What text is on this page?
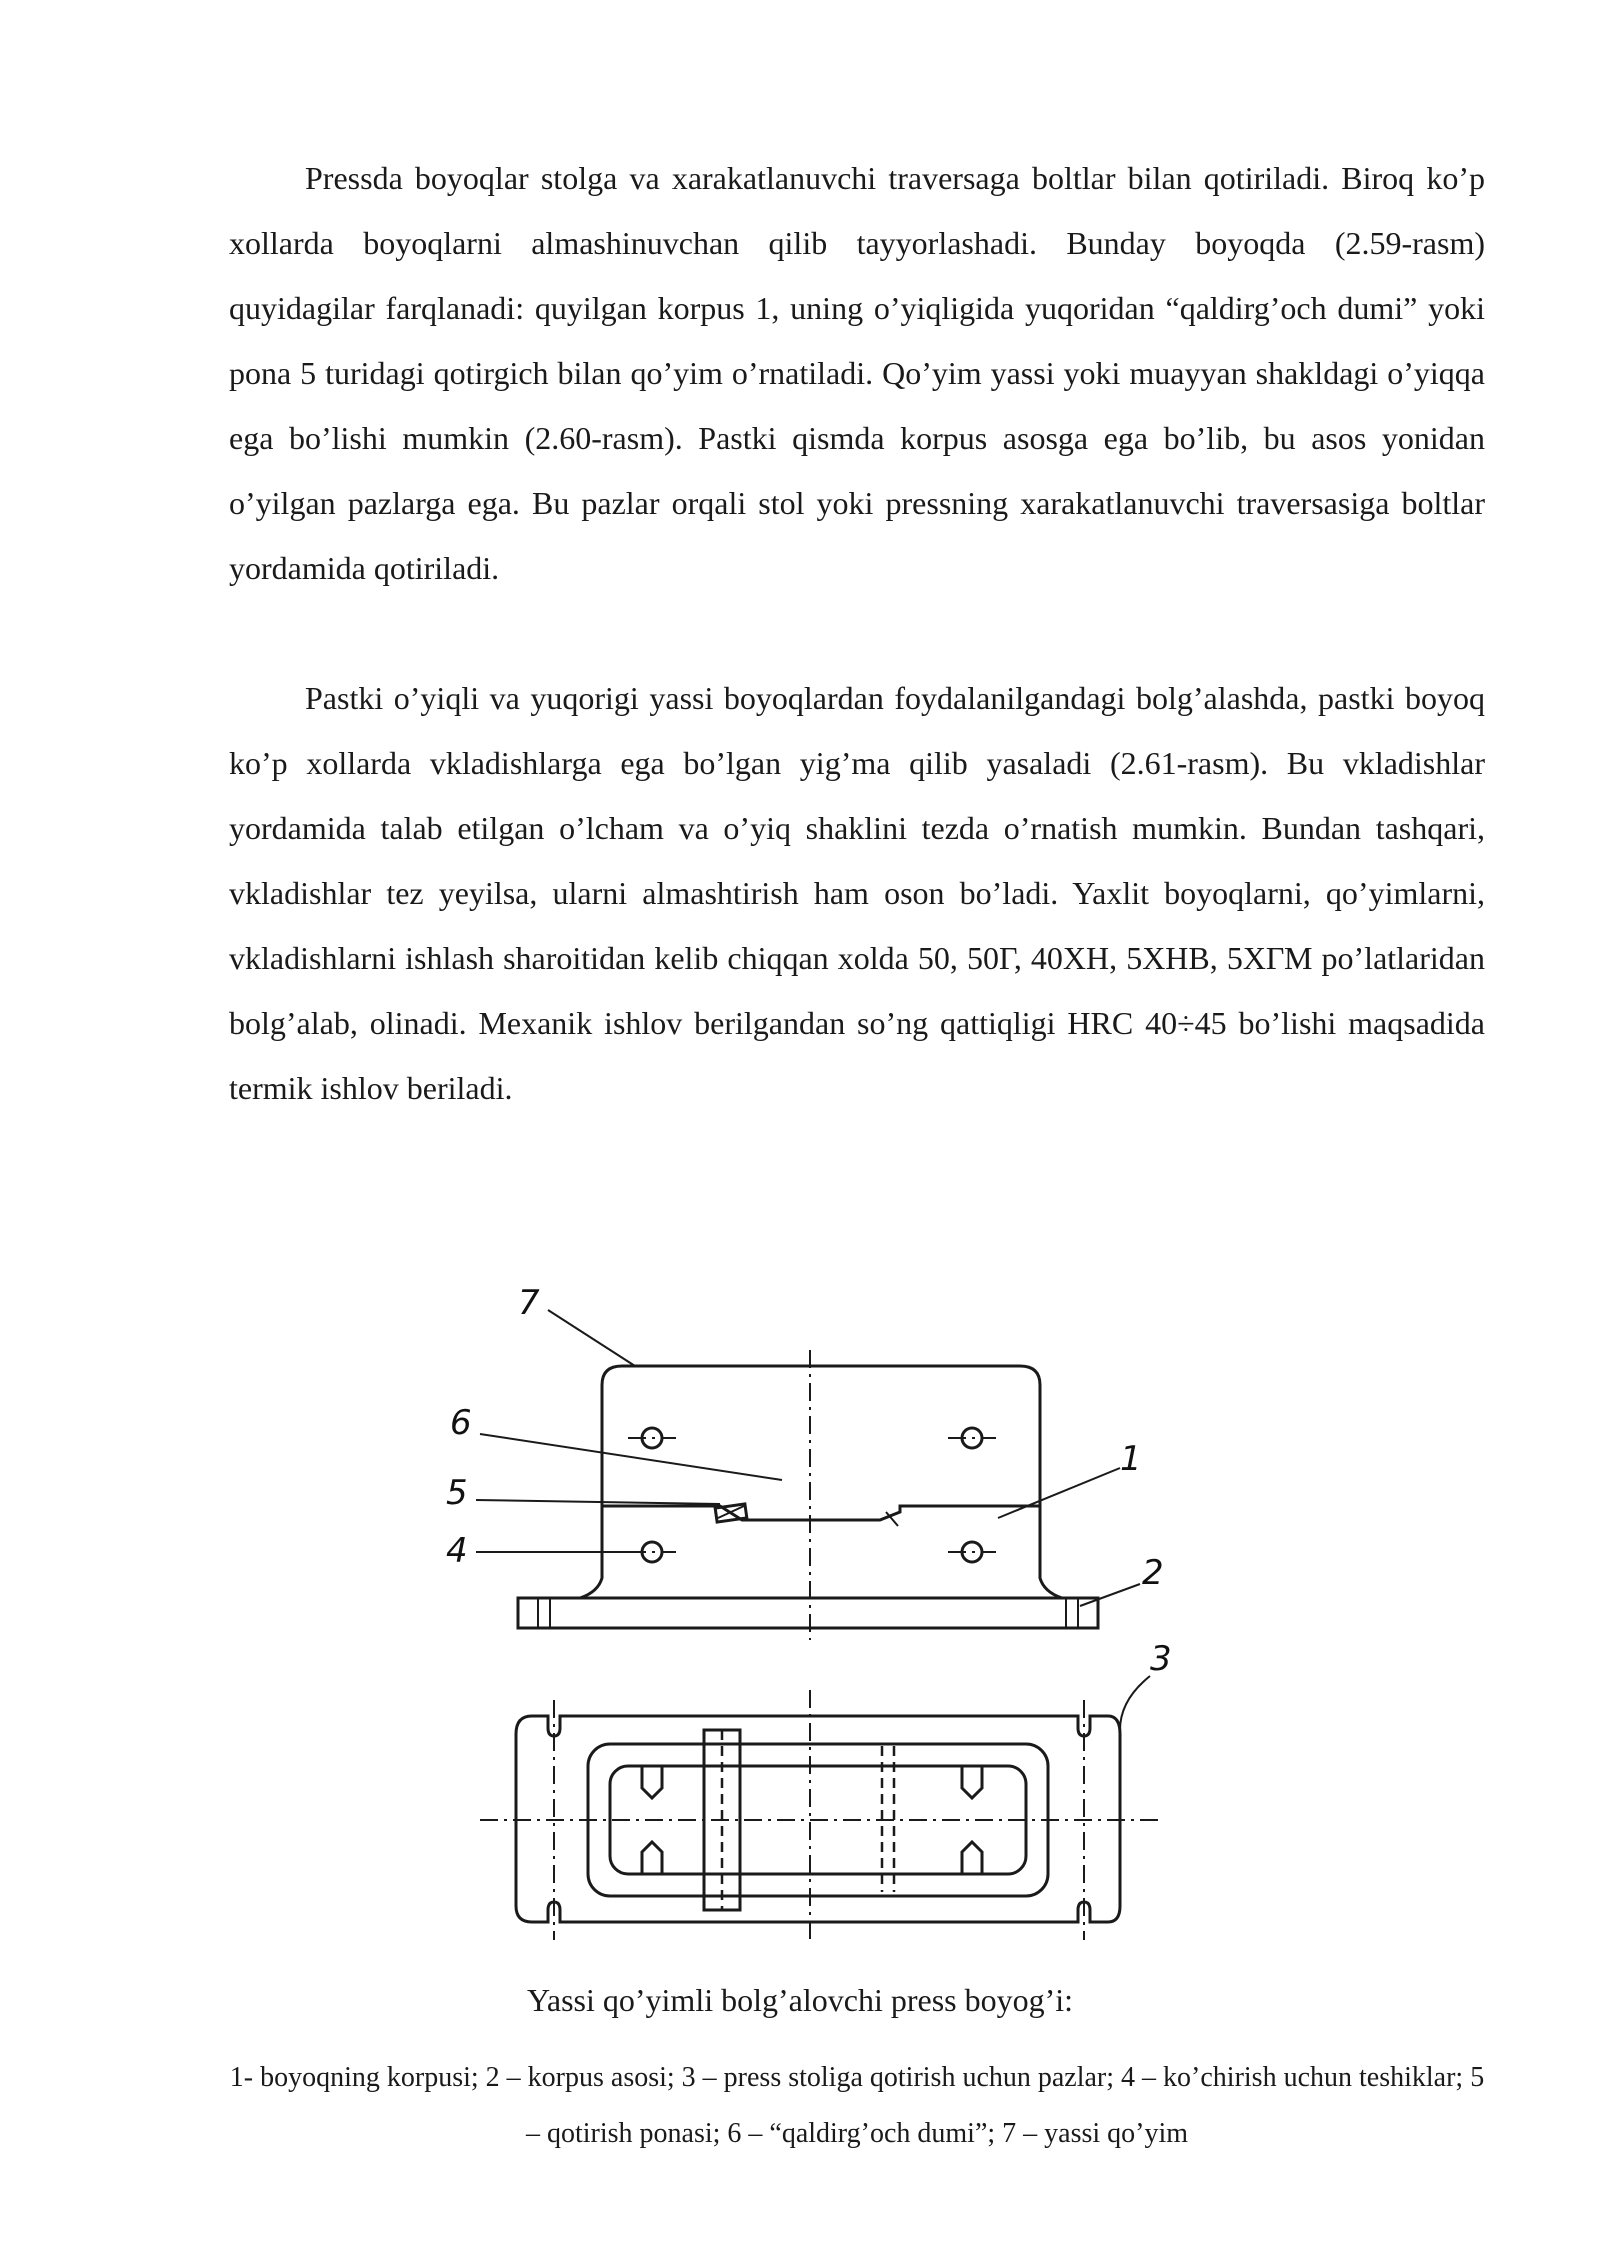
Pressda boyoqlar stolga va xarakatlanuvchi traversaga boltlar bilan qotiriladi. Biroq ko’p xollarda boyoqlarni almashinuvchan qilib tayyorlashadi. Bunday boyoqda (2.59-rasm) quyidagilar farqlanadi: quyilgan korpus 1, uning o’yiqligida yuqoridan “qaldirg’och dumi” yoki pona 5 turidagi qotirgich bilan qo’yim o’rnatiladi. Qo’yim yassi yoki muayyan shakldagi o’yiqqa ega bo’lishi mumkin (2.60-rasm). Pastki qismda korpus asosga ega bo’lib, bu asos yonidan o’yilgan pazlarga ega. Bu pazlar orqali stol yoki pressning xarakatlanuvchi traversasiga boltlar yordamida qotiriladi.

Pastki o’yiqli va yuqorigi yassi boyoqlardan foydalanilgandagi bolg’alashda, pastki boyoq ko’p xollarda vkladishlarga ega bo’lgan yig’ma qilib yasaladi (2.61-rasm). Bu vkladishlar yordamida talab etilgan o’lcham va o’yiq shaklini tezda o’rnatish mumkin. Bundan tashqari, vkladishlar tez yeyilsa, ularni almashtirish ham oson bo’ladi. Yaxlit boyoqlarni, qo’yimlarni, vkladishlarni ishlash sharoitidan kelib chiqqan xolda 50, 50Г, 40ХН, 5ХНВ, 5ХГМ po’latlaridan bolg’alab, olinadi. Mexanik ishlov berilgandan so’ng qattiqligi HRC 40÷45 bo’lishi maqsadida termik ishlov beriladi.

7
6
5
4
1
2
3
Yassi qo’yimli bolg’alovchi press boyog’i:
1- boyoqning korpusi; 2 – korpus asosi; 3 – press stoliga qotirish uchun pazlar; 4 – ko’chirish uchun teshiklar; 5 – qotirish ponasi; 6 – “qaldirg’och dumi”; 7 – yassi qo’yim
